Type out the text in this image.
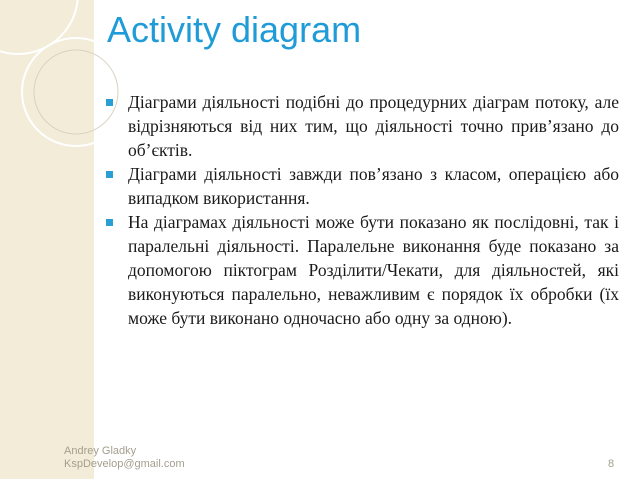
Activity diagram
Діаграми діяльності подібні до процедурних діаграм потоку, але відрізняються від них тим, що діяльності точно прив’язано до об’єктів.
Діаграми діяльності завжди пов’язано з класом, операцією або випадком використання.
На діаграмах діяльності може бути показано як послідовні, так і паралельні діяльності. Паралельне виконання буде показано за допомогою піктограм Розділити/Чекати, для діяльностей, які виконуються паралельно, неважливим є порядок їх обробки (їх може бути виконано одночасно або одну за одною).
Andrey Gladky
KspDevelop@gmail.com	8
